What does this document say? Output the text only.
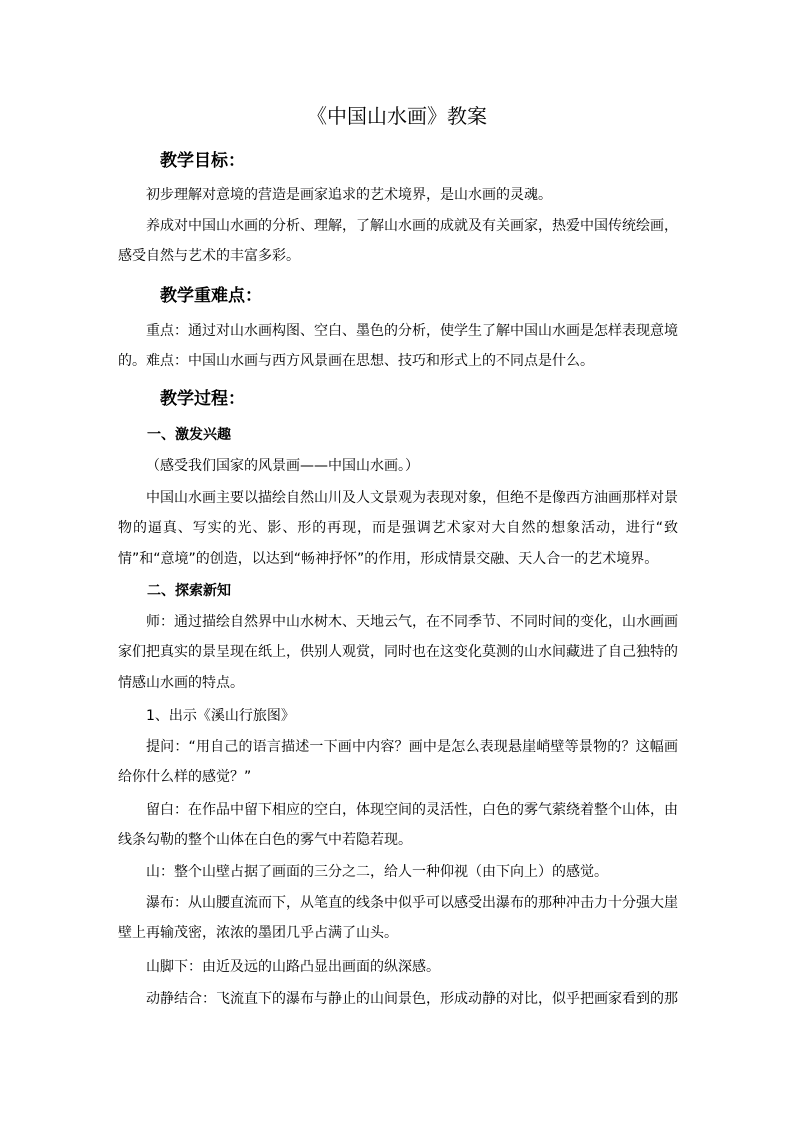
《中国山水画》教案
教学目标：

初步理解对意境的营造是画家追求的艺术境界，是山水画的灵魂。

养成对中国山水画的分析、理解，了解山水画的成就及有关画家，热爱中国传统绘画，感受自然与艺术的丰富多彩。

教学重难点：

重点：通过对山水画构图、空白、墨色的分析，使学生了解中国山水画是怎样表现意境的。难点：中国山水画与西方风景画在思想、技巧和形式上的不同点是什么。

教学过程：
一、激发兴趣
（感受我们国家的风景画——中国山水画。）

中国山水画主要以描绘自然山川及人文景观为表现对象，但绝不是像西方油画那样对景物的逼真、写实的光、影、形的再现，而是强调艺术家对大自然的想象活动，进行“致情”和“意境”的创造，以达到“畅神抒怀”的作用，形成情景交融、天人合一的艺术境界。

二、探索新知

师：通过描绘自然界中山水树木、天地云气，在不同季节、不同时间的变化，山水画画家们把真实的景呈现在纸上，供别人观赏，同时也在这变化莫测的山水间藏进了自己独特的情感山水画的特点。

1、出示《溪山行旅图》

提问：“用自己的语言描述一下画中内容？画中是怎么表现悬崖峭壁等景物的？这幅画给你什么样的感觉？”

留白：在作品中留下相应的空白，体现空间的灵活性，白色的雾气萦绕着整个山体，由线条勾勒的整个山体在白色的雾气中若隐若现。

山：整个山壁占据了画面的三分之二，给人一种仰视（由下向上）的感觉。

瀑布：从山腰直流而下，从笔直的线条中似乎可以感受出瀑布的那种冲击力十分强大崖壁上再输茂密，浓浓的墨团几乎占满了山头。

山脚下：由近及远的山路凸显出画面的纵深感。

动静结合：飞流直下的瀑布与静止的山间景色，形成动静的对比，似乎把画家看到的那
